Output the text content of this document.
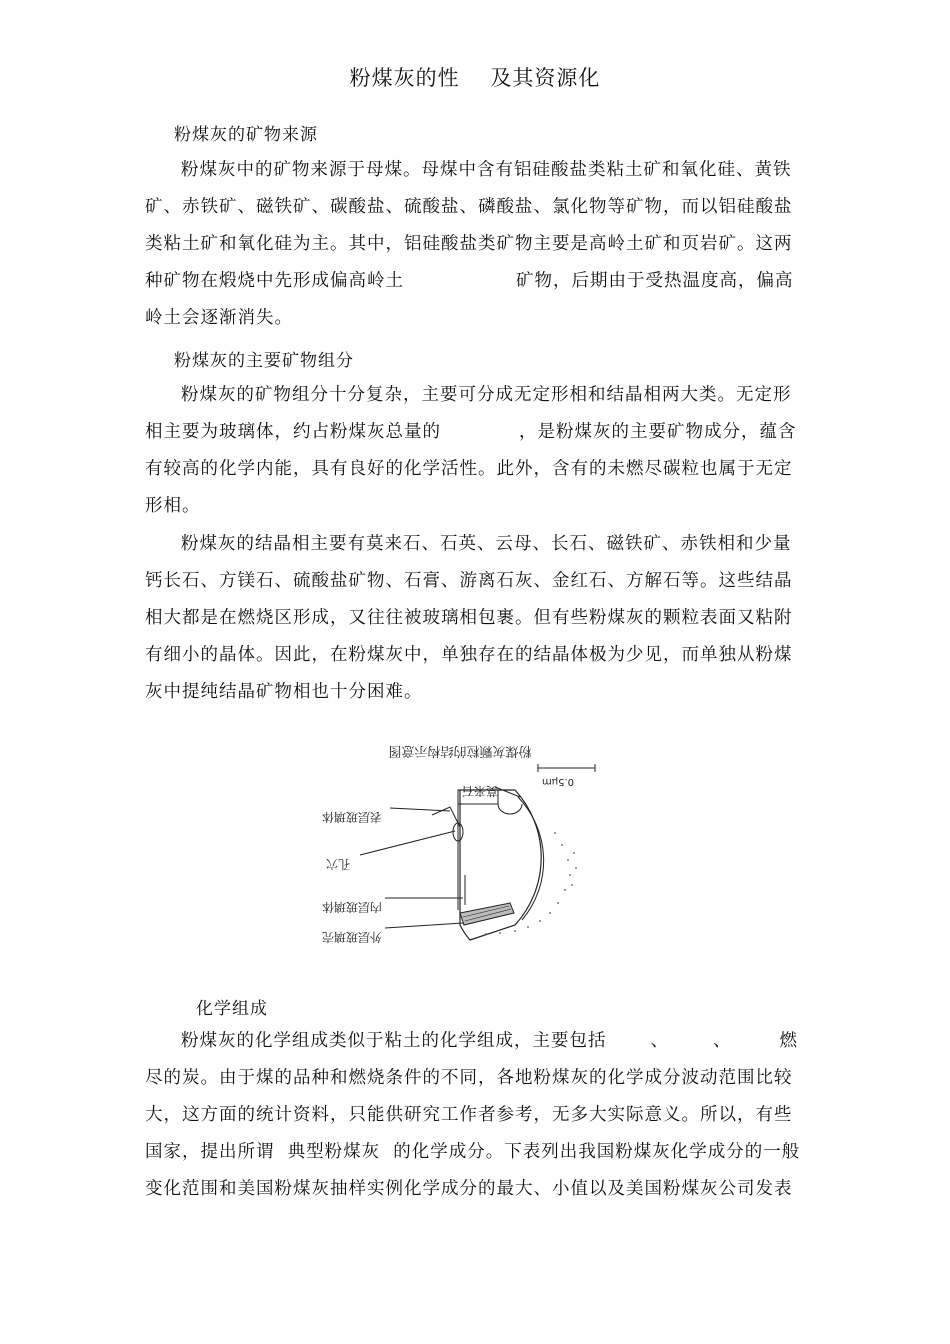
粉煤灰的性    及其资源化
粉煤灰的矿物来源
粉煤灰中的矿物来源于母煤。母煤中含有铝硅酸盐类粘土矿和氧化硅、黄铁
矿、赤铁矿、磁铁矿、碳酸盐、硫酸盐、磷酸盐、氯化物等矿物，而以铝硅酸盐
类粘土矿和氧化硅为主。其中，铝硅酸盐类矿物主要是高岭土矿和页岩矿。这两
种矿物在煅烧中先形成偏高岭土	矿物，后期由于受热温度高，偏高
岭土会逐渐消失。
粉煤灰的主要矿物组分
粉煤灰的矿物组分十分复杂，主要可分成无定形相和结晶相两大类。无定形
相主要为玻璃体，约占粉煤灰总量的	，是粉煤灰的主要矿物成分，蕴含
有较高的化学内能，具有良好的化学活性。此外，含有的未燃尽碳粒也属于无定
形相。
粉煤灰的结晶相主要有莫来石、石英、云母、长石、磁铁矿、赤铁相和少量
钙长石、方镁石、硫酸盐矿物、石膏、游离石灰、金红石、方解石等。这些结晶
相大都是在燃烧区形成，又往往被玻璃相包裹。但有些粉煤灰的颗粒表面又粘附
有细小的晶体。因此，在粉煤灰中，单独存在的结晶体极为少见，而单独从粉煤
灰中提纯结晶矿物相也十分困难。
粉煤灰颗粒的结构示意图
0.5μm
莫来石
表层玻璃体
孔穴
内层玻璃体
外层玻璃壳
化学组成
粉煤灰的化学组成类似于粘土的化学组成，主要包括	、	、	燃
尽的炭。由于煤的品种和燃烧条件的不同，各地粉煤灰的化学成分波动范围比较
大，这方面的统计资料，只能供研究工作者参考，无多大实际意义。所以，有些
国家，提出所谓  典型粉煤灰  的化学成分。下表列出我国粉煤灰化学成分的一般
变化范围和美国粉煤灰抽样实例化学成分的最大、小值以及美国粉煤灰公司发表
